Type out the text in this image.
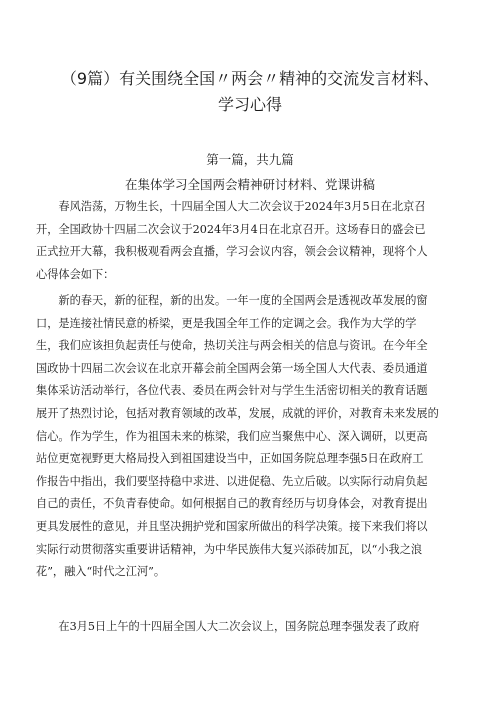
（9篇）有关围绕全国〃两会〃精神的交流发言材料、
学习心得
第一篇，共九篇
在集体学习全国两会精神研讨材料、党课讲稿

　　春风浩荡，万物生长，十四届全国人大二次会议于2024年3月5日在北京召
开，全国政协十四届二次会议于2024年3月4日在北京召开。这场春日的盛会已
正式拉开大幕，我积极观看两会直播，学习会议内容，领会会议精神，现将个人
心得体会如下：

　　新的春天，新的征程，新的出发。一年一度的全国两会是透视改革发展的窗
口，是连接社情民意的桥梁，更是我国全年工作的定调之会。我作为大学的学
生，我们应该担负起责任与使命，热切关注与两会相关的信息与资讯。在今年全
国政协十四届二次会议在北京开幕会前全国两会第一场全国人大代表、委员通道
集体采访活动举行，各位代表、委员在两会针对与学生生活密切相关的教育话题
展开了热烈讨论，包括对教育领域的改革，发展，成就的评价，对教育未来发展的
信心。作为学生，作为祖国未来的栋梁，我们应当聚焦中心、深入调研，以更高
站位更宽视野更大格局投入到祖国建设当中，正如国务院总理李强5日在政府工
作报告中指出，我们要坚持稳中求进、以进促稳、先立后破。以实际行动肩负起
自己的责任，不负青春使命。如何根据自己的教育经历与切身体会，对教育提出
更具发展性的意见，并且坚决拥护党和国家所做出的科学决策。接下来我们将以
实际行动贯彻落实重要讲话精神，为中华民族伟大复兴添砖加瓦，以“小我之浪
花”，融入“时代之江河”。

　　在3月5日上午的十四届全国人大二次会议上，国务院总理李强发表了政府
